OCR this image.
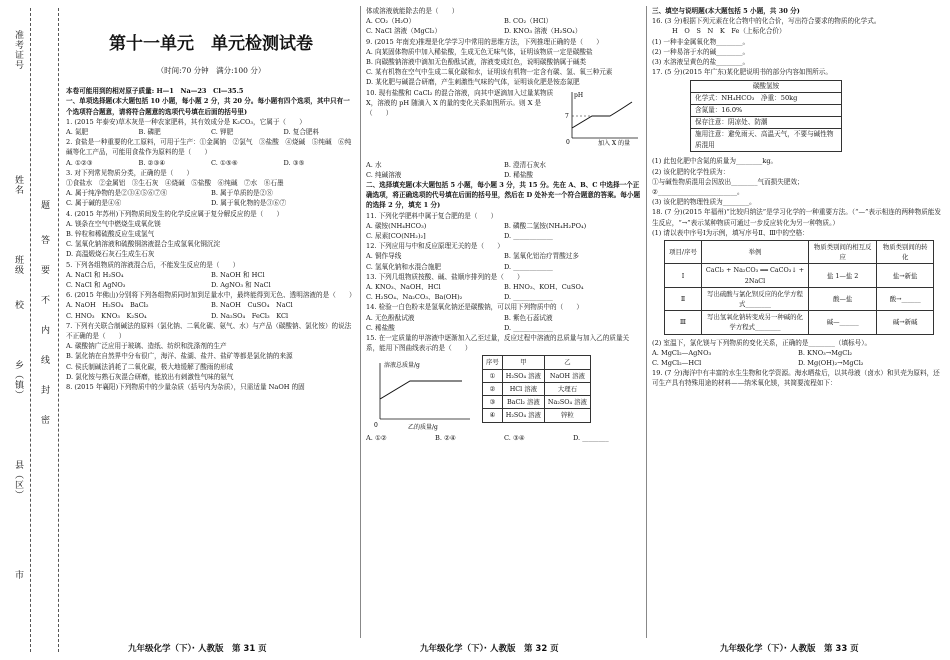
准考证号
姓名
班级
校
乡（镇）
县（区）
市
题
答
要
不
内
线
封
密
第十一单元　单元检测试卷
（时间:70 分钟　满分:100 分）

本卷可能用到的相对原子质量: H—1　Na—23　Cl—35.5

一、单项选择题(本大题包括 10 小题，每小题 2 分，共 20 分。每小题有四个选项，其中只有一个选项符合题意，请将符合题意的选项代号填在后面的括号里)

1. (2015 年泰安)草木灰是一种农家肥料，其有效成分是 K₂CO₃，它属于（　　）

A. 氮肥	B. 磷肥	C. 钾肥	D. 复合肥料

2. 食盐是一种重要的化工原料，可用于生产：①金属钠　②氯气　③盐酸　④烧碱　⑤纯碱　⑥纯碱等化工产品，可能用食盐作为原料的是（　　）

A. ①②③	B. ②③④	C. ①⑤⑥	D. ③⑤

3. 对下列常见物质分类，正确的是（　　）

①食盐水　②金属铝　③生石灰　④烧碱　⑤盐酸　⑥纯碱　⑦水　⑧石墨

A. 属于纯净物的是②③④⑤⑥⑦⑧	B. 属于单质的是②⑧
C. 属于碱的是④⑥	D. 属于氧化物的是③⑥⑦

4. (2015 年苏州)下列物质间发生的化学反应属于复分解反应的是（　　）

A. 镁条在空气中燃烧生成氧化镁

B. 锌粒和稀硫酸反应生成氢气

C. 氢氧化钠溶液和硫酸铜溶液混合生成氢氧化铜沉淀

D. 高温煅烧石灰石生成生石灰

5. 下列各组物质的溶液混合后，不能发生反应的是（　　）

A. NaCl 和 H₂SO₄	B. NaOH 和 HCl
C. NaCl 和 AgNO₃	D. AgNO₃ 和 NaCl

6. (2015 年佛山)分别将下列各组物质同时加到足量水中，最终能得到无色、透明溶液的是（　　）

A. NaOH　H₂SO₄　BaCl₂	B. NaOH　CuSO₄　NaCl
C. HNO₃　KNO₃　K₂SO₄	D. Na₂SO₄　FeCl₃　KCl

7. 下列有关联合制碱法的原料（氯化钠、二氧化碳、氨气、水）与产品（碳酸钠、氯化铵）的说法不正确的是（　　）

A. 碳酸钠广泛应用于玻璃、造纸、纺织和洗涤剂的生产

B. 氯化钠在自然界中分布很广，海洋、盐湖、盐井、盐矿等都是氯化钠的来源

C. 侯氏制碱法消耗了二氧化碳，极大地缓解了酸雨的形成

D. 氯化铵与熟石灰混合研磨，能放出有刺激性气味的氨气

8. (2015 年襄阳)下列物质中的少量杂质（括号内为杂质），只需适量 NaOH 的固

九年级化学（下）· 人教版　第 31 页

体或溶液就能除去的是（　　）

A. CO₂（H₂O）	B. CO₂（HCl）
C. NaCl 溶液（MgCl₂）	D. KNO₃ 溶液（H₂SO₄）

9. (2015 年南充)推理是化学学习中常用的思维方法，下列推理正确的是（　　）

A. 向某固体物质中加入稀盐酸，生成无色无味气体，证明该物质一定是碳酸盐

B. 向碳酸钠溶液中滴加无色酚酞试液，溶液变成红色，说明碳酸钠属于碱类

C. 某有机物在空气中生成二氧化碳和水，证明该有机物一定含有碳、氢、氧三种元素

D. 某化肥与碱混合研磨，产生刺激性气味的气体，证明该化肥是铵态氮肥

10. 现有盐酸和 CaCl₂ 的混合溶液，向其中逐滴加入过量某物质 X，溶液的 pH 随滴入 X 的量的变化关系如图所示。则 X 是（　　）

pH
7
0	加入 X 的量
A. 水	B. 澄清石灰水
C. 纯碱溶液	D. 稀盐酸

二、选择填充题(本大题包括 5 小题，每小题 3 分，共 15 分。先在 A、B、C 中选择一个正确选项，将正确选项的代号填在后面的括号里，然后在 D 处补充一个符合题意的答案。每小题的选择 2 分，填充 1 分)

11. 下列化学肥料中属于复合肥的是（　　）

A. 碳铵(NH₄HCO₃)	B. 磷酸二氢铵(NH₄H₂PO₄)
C. 尿素[CO(NH₂)₂]	D. ____________

12. 下列应用与中和反应原理无关的是（　　）

A. 铜作导线	B. 氢氧化铝治疗胃酸过多
C. 氢氧化钠和水混合施肥	D. ____________

13. 下列几组物质按酸、碱、盐顺序排列的是（　　）

A. KNO₃、NaOH、HCl	B. HNO₃、KOH、CuSO₄
C. H₂SO₄、Na₂CO₃、Ba(OH)₂	D. ____________

14. 检验一白色粉末是氢氧化钠还是碳酸钠，可以用下列物质中的（　　）

A. 无色酚酞试液	B. 紫色石蕊试液
C. 稀盐酸	D. ____________

15. 在一定质量的甲溶液中逐渐加入乙至过量，反应过程中溶液的总质量与加入乙的质量关系，能用下图曲线表示的是（　　）

溶液总质量/g
0	乙的质量/g
序号	甲	乙
①	H₂SO₄ 溶液	NaOH 溶液
②	HCl 溶液	大理石
③	BaCl₂ 溶液	Na₂SO₄ 溶液
④	H₂SO₄ 溶液	锌粒
A. ①②	B. ②④	C. ③④	D. ________
九年级化学（下）· 人教版　第 32 页

三、填空与说明题(本大题包括 5 小题，共 30 分)

16. (3 分)根据下列元素在化合物中的化合价，写出符合要求的物质的化学式。

H　O　S　N　K　Fe（上标化合价）

(1) 一种非金属氧化物________。

(2) 一种易溶于水的碱________。

(3) 水溶液呈黄色的盐________。

17. (5 分)(2015 年广东)某化肥说明书的部分内容如图所示。

碳酸氢铵
化学式：NH₄HCO₃　净重：50kg
含氮量：16.0%
保存注意：阴凉处、防潮
施用注意：避免雨天、高温天气，不要与碱性物质混用

(1) 此包化肥中含氮的质量为________kg。

(2) 该化肥的化学性质为：

①与碱性物质混用会因放出________气而损失肥效；

②________________________。

(3) 该化肥的物理性质为________。

18. (7 分)(2015 年福州)“比较归纳法”是学习化学的一种重要方法。（“—”表示相连的两种物质能发生反应，“→”表示某种物质可通过一步反应转化为另一种物质。）

(1) 请以表中序号Ⅰ为示例，填写序号Ⅱ、Ⅲ中的空格：

项目/序号	举例	物质类别间的相互反应	物质类别间的转化
Ⅰ	CaCl₂ + Na₂CO₃ ══ CaCO₃↓ + 2NaCl	盐 1—盐 2	盐→新盐
Ⅱ	写出硫酸与氯化钡反应的化学方程式________	酸—盐	酸→______
Ⅲ	写出氢氧化钠转变成另一种碱的化学方程式________	碱—______	碱→新碱

(2) 室温下，氯化镁与下列物质的变化关系，正确的是________（填标号）。

A. MgCl₂—AgNO₃	B. KNO₃→MgCl₂
C. MgCl₂—HCl	D. Mg(OH)₂→MgCl₂

19. (7 分)海洋中有丰富的水生生物和化学资源。海水晒盐后，以其母液（卤水）和贝壳为原料，还可生产具有特殊用途的材料——纳米氧化镁，其简要流程如下：

九年级化学（下）· 人教版　第 33 页
